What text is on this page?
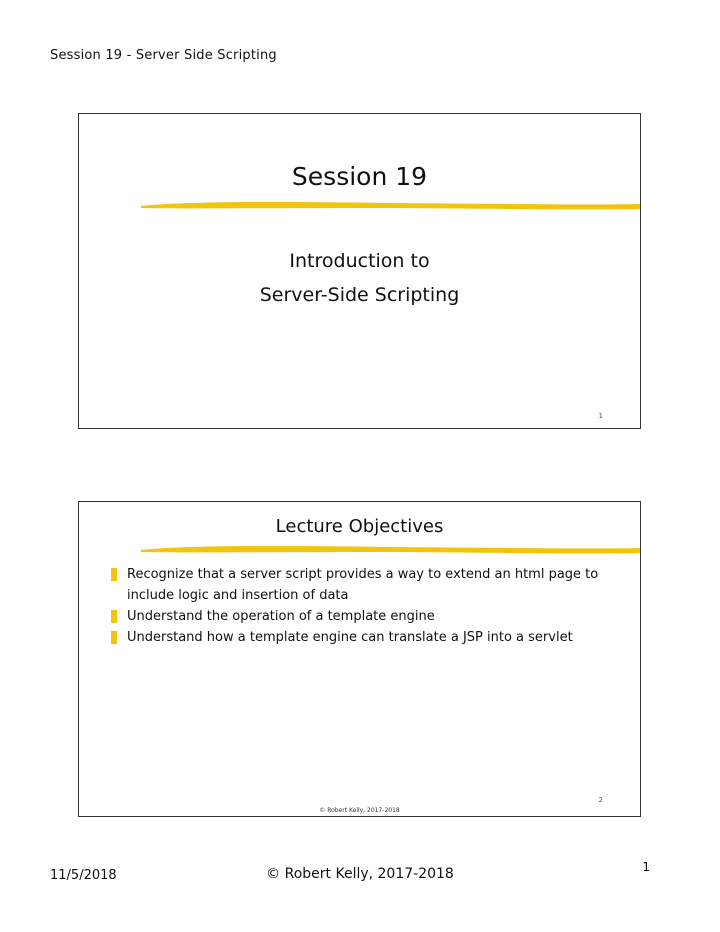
Session 19 - Server Side Scripting
Session 19
Introduction to
Server-Side Scripting
1
Lecture Objectives
Recognize that a server script provides a way to extend an html page to include logic and insertion of data
Understand the operation of a template engine
Understand how a template engine can translate a JSP into a servlet
2
© Robert Kelly, 2017-2018
11/5/2018	© Robert Kelly, 2017-2018	1
